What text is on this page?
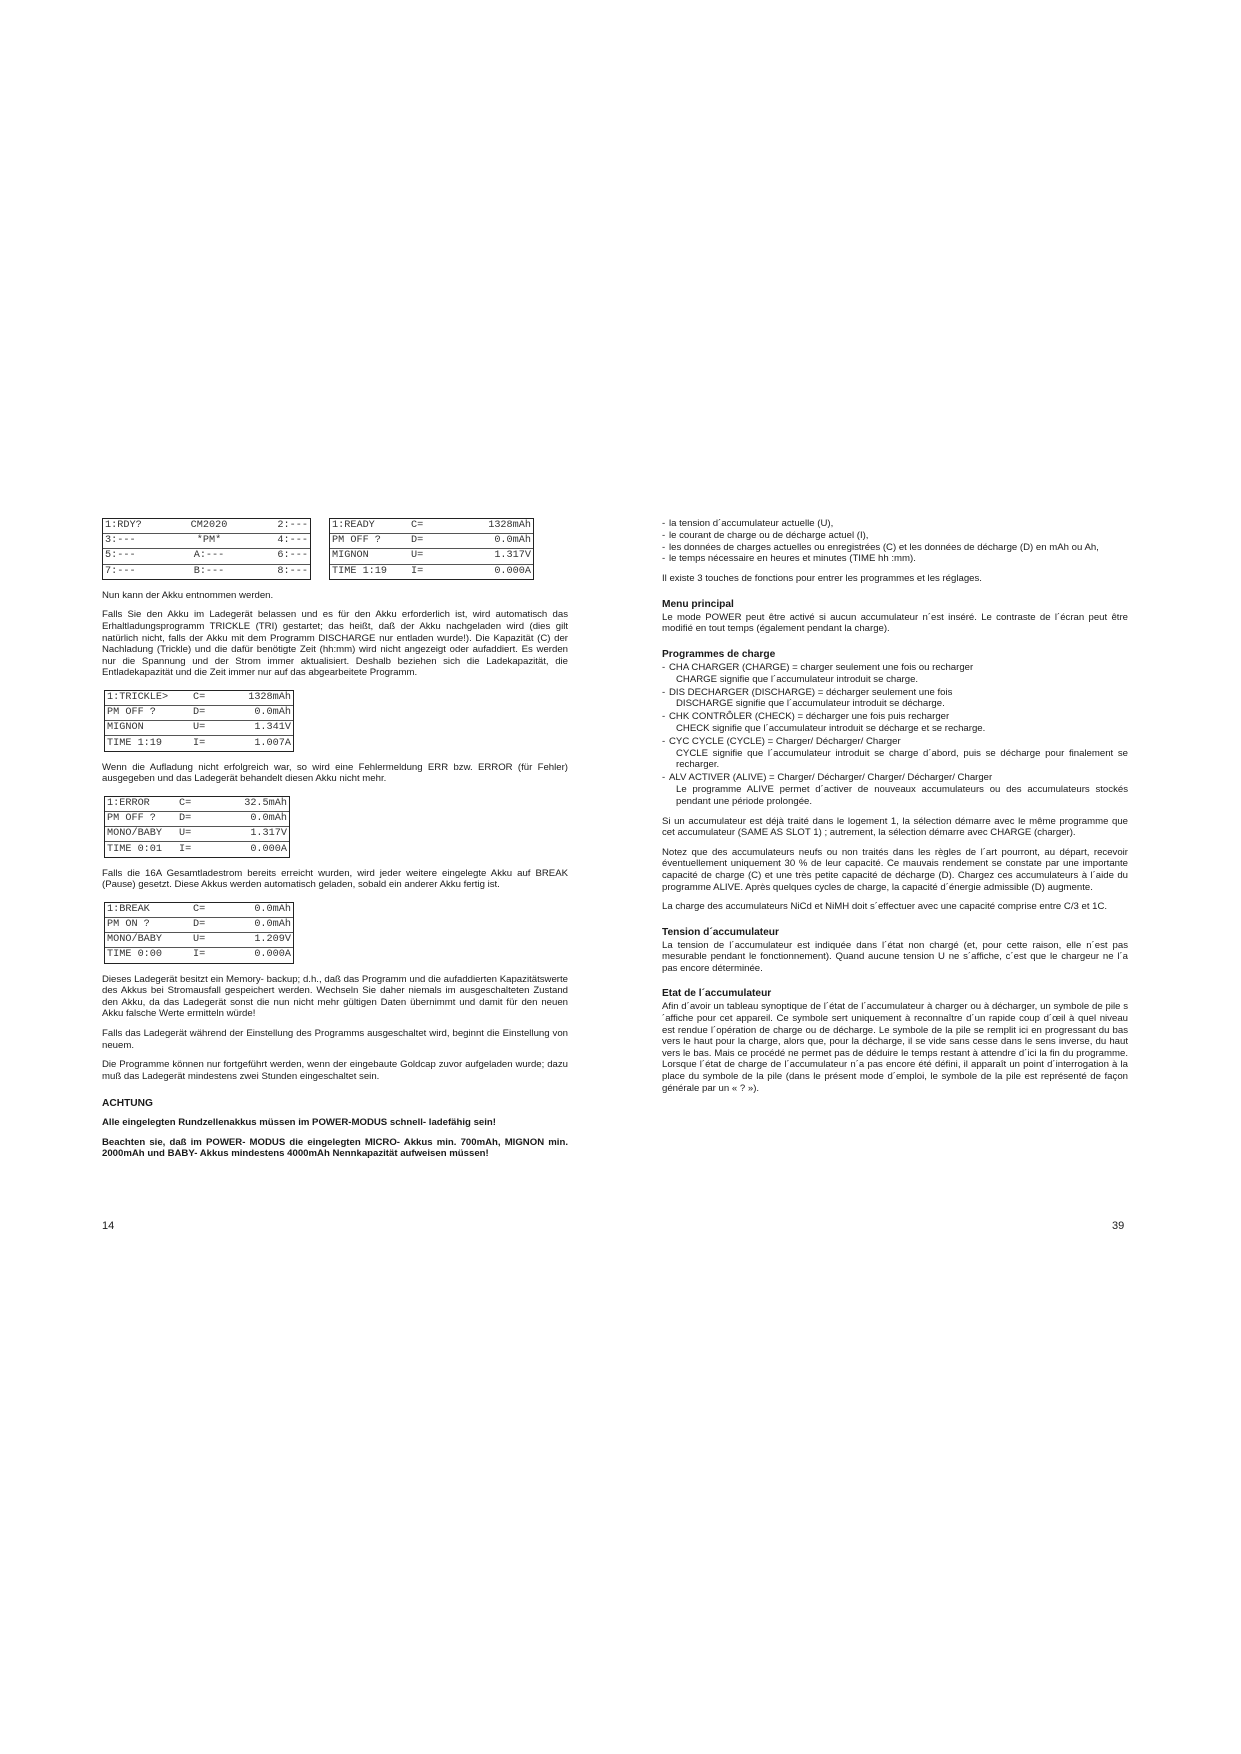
1:RDY?	CM2020	2:---
3:---	*PM*	4:---
5:---	A:---	6:---
7:---	B:---	8:---
1:READY	C=	1328mAh
PM OFF ?	D=	0.0mAh
MIGNON	U=	1.317V
TIME 1:19	I=	0.000A

Nun kann der Akku entnommen werden.

Falls Sie den Akku im Ladegerät belassen und es für den Akku erforderlich ist, wird automatisch das Erhaltladungsprogramm TRICKLE (TRI) gestartet; das heißt, daß der Akku nachgeladen wird (dies gilt natürlich nicht, falls der Akku mit dem Programm DISCHARGE nur entladen wurde!). Die Kapazität (C) der Nachladung (Trickle) und die dafür benötigte Zeit (hh:mm) wird nicht angezeigt oder aufaddiert. Es werden nur die Spannung und der Strom immer aktualisiert. Deshalb beziehen sich die Ladekapazität, die Entladekapazität und die Zeit immer nur auf das abgearbeitete Programm.

1:TRICKLE>	C=	1328mAh
PM OFF ?	D=	0.0mAh
MIGNON	U=	1.341V
TIME 1:19	I=	1.007A

Wenn die Aufladung nicht erfolgreich war, so wird eine Fehlermeldung ERR bzw. ERROR (für Fehler) ausgegeben und das Ladegerät behandelt diesen Akku nicht mehr.

1:ERROR	C=	32.5mAh
PM OFF ?	D=	0.0mAh
MONO/BABY	U=	1.317V
TIME 0:01	I=	0.000A

Falls die 16A Gesamtladestrom bereits erreicht wurden, wird jeder weitere eingelegte Akku auf BREAK (Pause) gesetzt. Diese Akkus werden automatisch geladen, sobald ein anderer Akku fertig ist.

1:BREAK	C=	0.0mAh
PM ON ?	D=	0.0mAh
MONO/BABY	U=	1.209V
TIME 0:00	I=	0.000A

Dieses Ladegerät besitzt ein Memory- backup; d.h., daß das Programm und die aufaddierten Kapazitätswerte des Akkus bei Stromausfall gespeichert werden. Wechseln Sie daher niemals im ausgeschalteten Zustand den Akku, da das Ladegerät sonst die nun nicht mehr gültigen Daten übernimmt und damit für den neuen Akku falsche Werte ermitteln würde!

Falls das Ladegerät während der Einstellung des Programms ausgeschaltet wird, beginnt die Einstellung von neuem.

Die Programme können nur fortgeführt werden, wenn der eingebaute Goldcap zuvor aufgeladen wurde; dazu muß das Ladegerät mindestens zwei Stunden eingeschaltet sein.

ACHTUNG

Alle eingelegten Rundzellenakkus müssen im POWER-MODUS schnell- ladefähig sein!

Beachten sie, daß im POWER- MODUS die eingelegten MICRO- Akkus min. 700mAh, MIGNON min. 2000mAh und BABY- Akkus mindestens 4000mAh Nennkapazität aufweisen müssen!

14
- la tension d´accumulateur actuelle (U),
- le courant de charge ou de décharge actuel (I),
- les données de charges actuelles ou enregistrées (C) et les données de décharge (D) en mAh ou Ah,
- le temps nécessaire en heures et minutes (TIME hh :mm).

Il existe 3 touches de fonctions pour entrer les programmes et les réglages.

Menu principal

Le mode POWER peut être activé si aucun accumulateur n´est inséré. Le contraste de l´écran peut être modifié en tout temps (également pendant la charge).

Programmes de charge
- CHA CHARGER (CHARGE) = charger seulement une fois ou recharger
CHARGE signifie que l´accumulateur introduit se charge.
- DIS DECHARGER (DISCHARGE) = décharger seulement une fois
DISCHARGE signifie que l´accumulateur introduit se décharge.
- CHK CONTRÔLER (CHECK) = décharger une fois puis recharger
CHECK signifie que l´accumulateur introduit se décharge et se recharge.
- CYC CYCLE (CYCLE) = Charger/ Décharger/ Charger
CYCLE signifie que l´accumulateur introduit se charge d´abord, puis se décharge pour finalement se recharger.
- ALV ACTIVER (ALIVE) = Charger/ Décharger/ Charger/ Décharger/ Charger
Le programme ALIVE permet d´activer de nouveaux accumulateurs ou des accumulateurs stockés pendant une période prolongée.

Si un accumulateur est déjà traité dans le logement 1, la sélection démarre avec le même programme que cet accumulateur (SAME AS SLOT 1) ; autrement, la sélection démarre avec CHARGE (charger).

Notez que des accumulateurs neufs ou non traités dans les règles de l´art pourront, au départ, recevoir éventuellement uniquement 30 % de leur capacité. Ce mauvais rendement se constate par une importante capacité de charge (C) et une très petite capacité de décharge (D). Chargez ces accumulateurs à l´aide du programme ALIVE. Après quelques cycles de charge, la capacité d´énergie admissible (D) augmente.

La charge des accumulateurs NiCd et NiMH doit s´effectuer avec une capacité comprise entre C/3 et 1C.

Tension d´accumulateur

La tension de l´accumulateur est indiquée dans l´état non chargé (et, pour cette raison, elle n´est pas mesurable pendant le fonctionnement). Quand aucune tension U ne s´affiche, c´est que le chargeur ne l´a pas encore déterminée.

Etat de l´accumulateur

Afin d´avoir un tableau synoptique de l´état de l´accumulateur à charger ou à décharger, un symbole de pile s´affiche pour cet appareil. Ce symbole sert uniquement à reconnaître d´un rapide coup d´œil à quel niveau est rendue l´opération de charge ou de décharge. Le symbole de la pile se remplit ici en progressant du bas vers le haut pour la charge, alors que, pour la décharge, il se vide sans cesse dans le sens inverse, du haut vers le bas. Mais ce procédé ne permet pas de déduire le temps restant à attendre d´ici la fin du programme. Lorsque l´état de charge de l´accumulateur n´a pas encore été défini, il apparaît un point d´interrogation à la place du symbole de la pile (dans le présent mode d´emploi, le symbole de la pile est représenté de façon générale par un « ? »).

39
